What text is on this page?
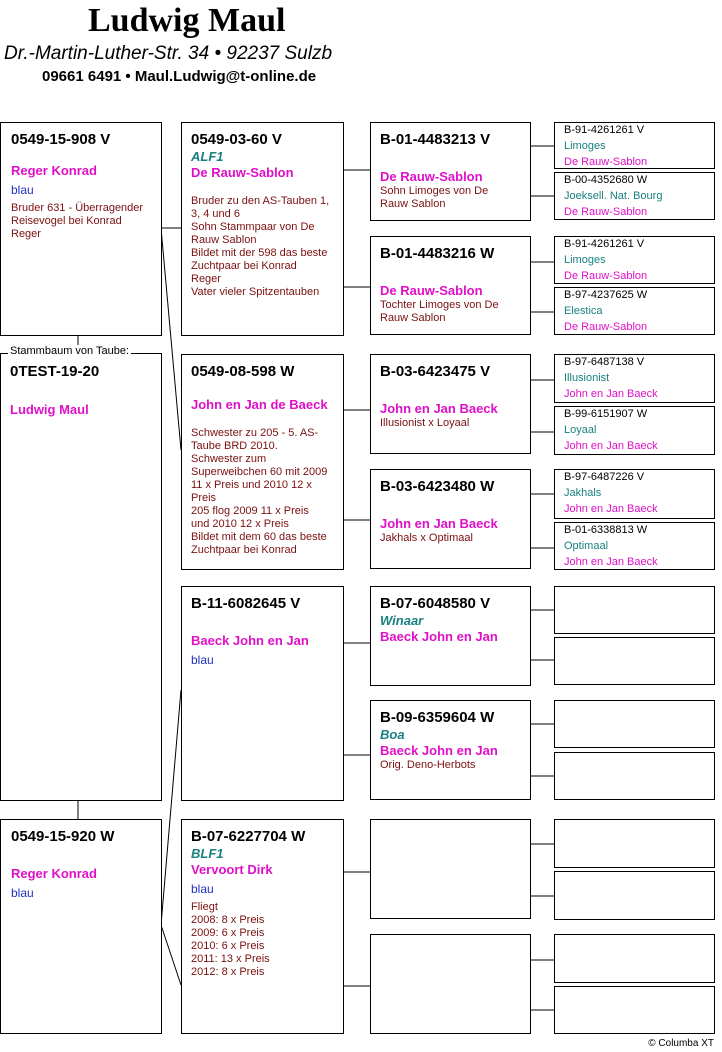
Ludwig Maul
Dr.-Martin-Luther-Str. 34 • 92237 Sulzb
09661 6491 • Maul.Ludwig@t-online.de
0549-15-908 V
Reger Konrad
blau
Bruder 631 - Überragender
Reisevogel bei Konrad
Reger
Stammbaum von Taube:
0TEST-19-20
Ludwig Maul
0549-15-920 W
Reger Konrad
blau
0549-03-60 V
ALF1
De Rauw-Sablon
Bruder zu den AS-Tauben 1,
3, 4 und 6
Sohn Stammpaar von De
Rauw Sablon
Bildet mit der 598 das beste
Zuchtpaar bei Konrad
Reger
Vater vieler Spitzentauben
0549-08-598 W
John en Jan de Baeck
Schwester zu 205 - 5. AS-
Taube BRD 2010.
Schwester zum
Superweibchen 60 mit 2009
11 x Preis und 2010 12 x
Preis
205 flog 2009 11 x Preis
und 2010 12 x Preis
Bildet mit dem 60 das beste
Zuchtpaar bei Konrad
B-11-6082645 V
Baeck John en Jan
blau
B-07-6227704 W
BLF1
Vervoort Dirk
blau
Fliegt
2008: 8 x Preis
2009: 6 x Preis
2010: 6 x Preis
2011: 13 x Preis
2012: 8 x Preis
B-01-4483213 V
De Rauw-Sablon
Sohn Limoges von De
Rauw Sablon
B-01-4483216 W
De Rauw-Sablon
Tochter Limoges von De
Rauw Sablon
B-03-6423475 V
John en Jan Baeck
Illusionist x Loyaal
B-03-6423480 W
John en Jan Baeck
Jakhals x Optimaal
B-07-6048580 V
Winaar
Baeck John en Jan
B-09-6359604 W
Boa
Baeck John en Jan
Orig. Deno-Herbots
B-91-4261261 V
Limoges
De Rauw-Sablon
B-00-4352680 W
Joeksell. Nat. Bourg
De Rauw-Sablon
B-91-4261261 V
Limoges
De Rauw-Sablon
B-97-4237625 W
Elestica
De Rauw-Sablon
B-97-6487138 V
Illusionist
John en Jan Baeck
B-99-6151907 W
Loyaal
John en Jan Baeck
B-97-6487226 V
Jakhals
John en Jan Baeck
B-01-6338813 W
Optimaal
John en Jan Baeck
© Columba XT
